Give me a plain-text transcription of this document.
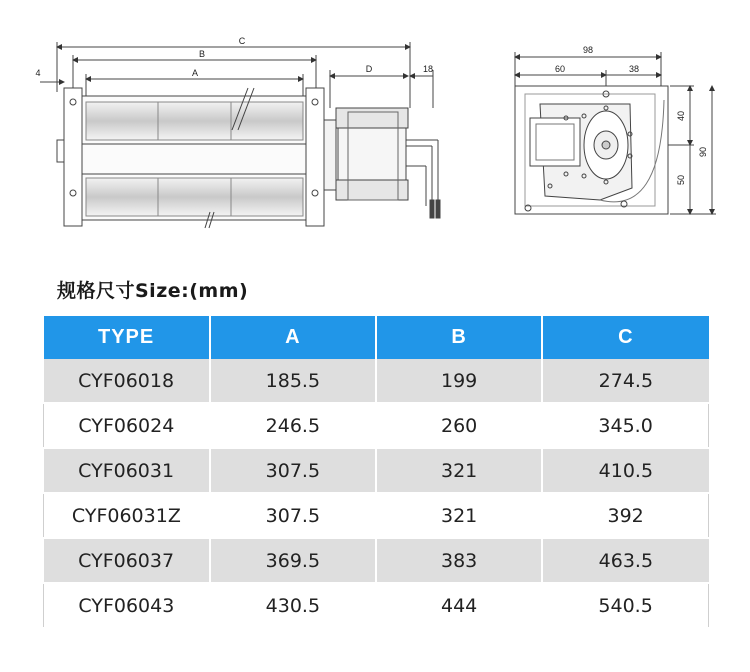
C
B
A	D
4	18
98
60	38
40
90
50
规格尺寸Size:(mm)
TYPE	A	B	C
CYF06018	185.5	199	274.5
CYF06024	246.5	260	345.0
CYF06031	307.5	321	410.5
CYF06031Z	307.5	321	392
CYF06037	369.5	383	463.5
CYF06043	430.5	444	540.5
